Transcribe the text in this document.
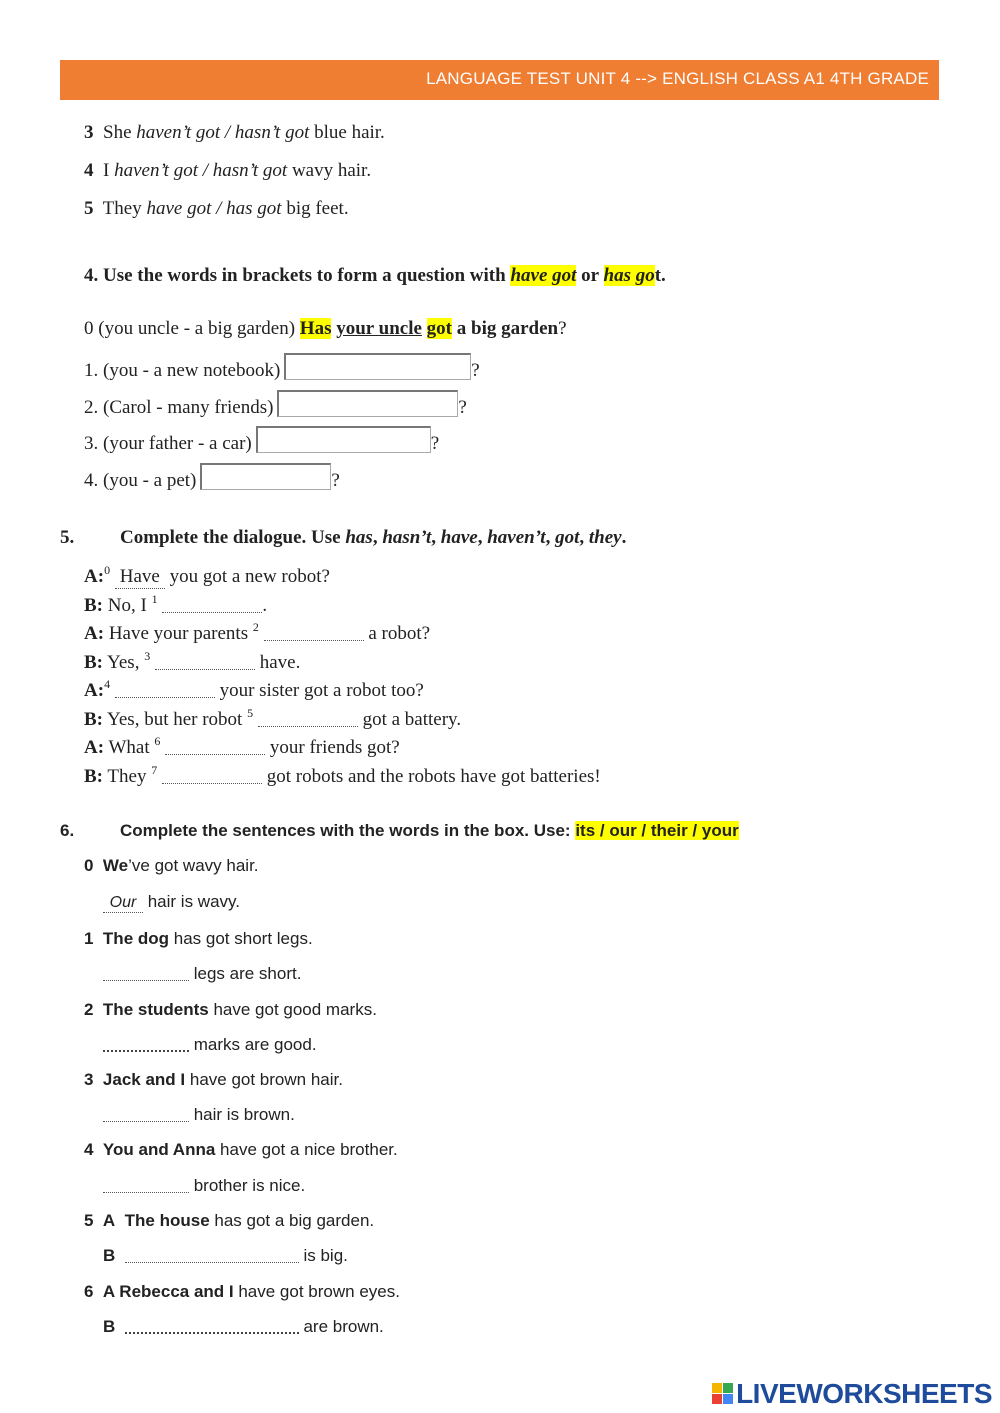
LANGUAGE TEST UNIT 4 --> ENGLISH CLASS A1 4TH GRADE
3 She haven’t got / hasn’t got blue hair.
4 I haven’t got / hasn’t got wavy hair.
5 They have got / has got big feet.
4. Use the words in brackets to form a question with have got or has got.
0 (you uncle - a big garden) Has your uncle got a big garden?
1. (you - a new notebook)	?
2. (Carol - many friends)	?
3. (your father - a car)	?
4. (you - a pet)	?
5. Complete the dialogue. Use has, hasn’t, have, haven’t, got, they.
A:$^0$ Have you got a new robot?
B: No, I $^1$	.
A: Have your parents $^2$	a robot?
B: Yes, $^3$	have.
A:$^4$	your sister got a robot too?
B: Yes, but her robot $^5$	got a battery.
A: What $^6$	your friends got?
B: They $^7$	got robots and the robots have got batteries!
6.	Complete the sentences with the words in the box. Use: its / our / their / your
0 We’ve got wavy hair.
Our hair is wavy.
1 The dog has got short legs.
legs are short.
2 The students have got good marks.
marks are good.
3 Jack and I have got brown hair.
hair is brown.
4 You and Anna have got a nice brother.
brother is nice.
5 A The house has got a big garden.
B	is big.
6 A Rebecca and I have got brown eyes.
B	are brown.
LIVEWORKSHEETS
